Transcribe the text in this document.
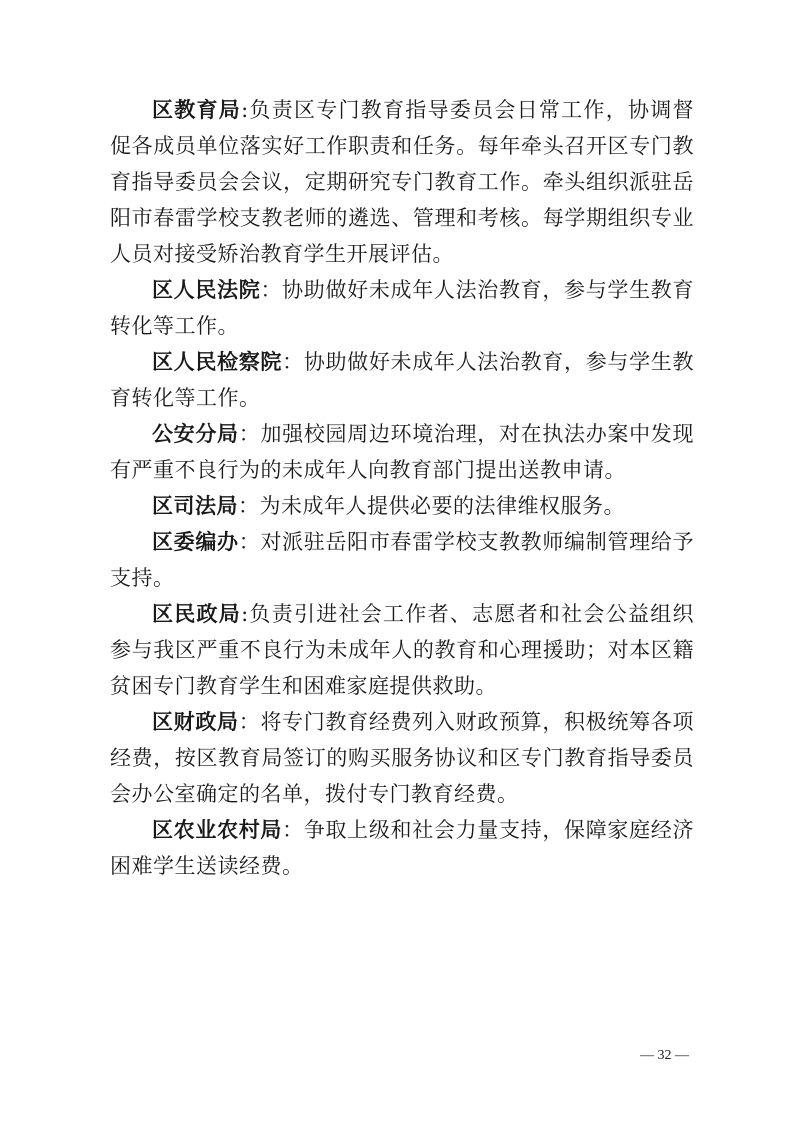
区教育局:负责区专门教育指导委员会日常工作，协调督促各成员单位落实好工作职责和任务。每年牵头召开区专门教育指导委员会会议，定期研究专门教育工作。牵头组织派驻岳阳市春雷学校支教老师的遴选、管理和考核。每学期组织专业人员对接受矫治教育学生开展评估。

区人民法院：协助做好未成年人法治教育，参与学生教育转化等工作。

区人民检察院：协助做好未成年人法治教育，参与学生教育转化等工作。

公安分局：加强校园周边环境治理，对在执法办案中发现有严重不良行为的未成年人向教育部门提出送教申请。

区司法局：为未成年人提供必要的法律维权服务。

区委编办：对派驻岳阳市春雷学校支教教师编制管理给予支持。

区民政局:负责引进社会工作者、志愿者和社会公益组织参与我区严重不良行为未成年人的教育和心理援助；对本区籍贫困专门教育学生和困难家庭提供救助。

区财政局：将专门教育经费列入财政预算，积极统筹各项经费，按区教育局签订的购买服务协议和区专门教育指导委员会办公室确定的名单，拨付专门教育经费。

区农业农村局：争取上级和社会力量支持，保障家庭经济困难学生送读经费。

— 32 —
